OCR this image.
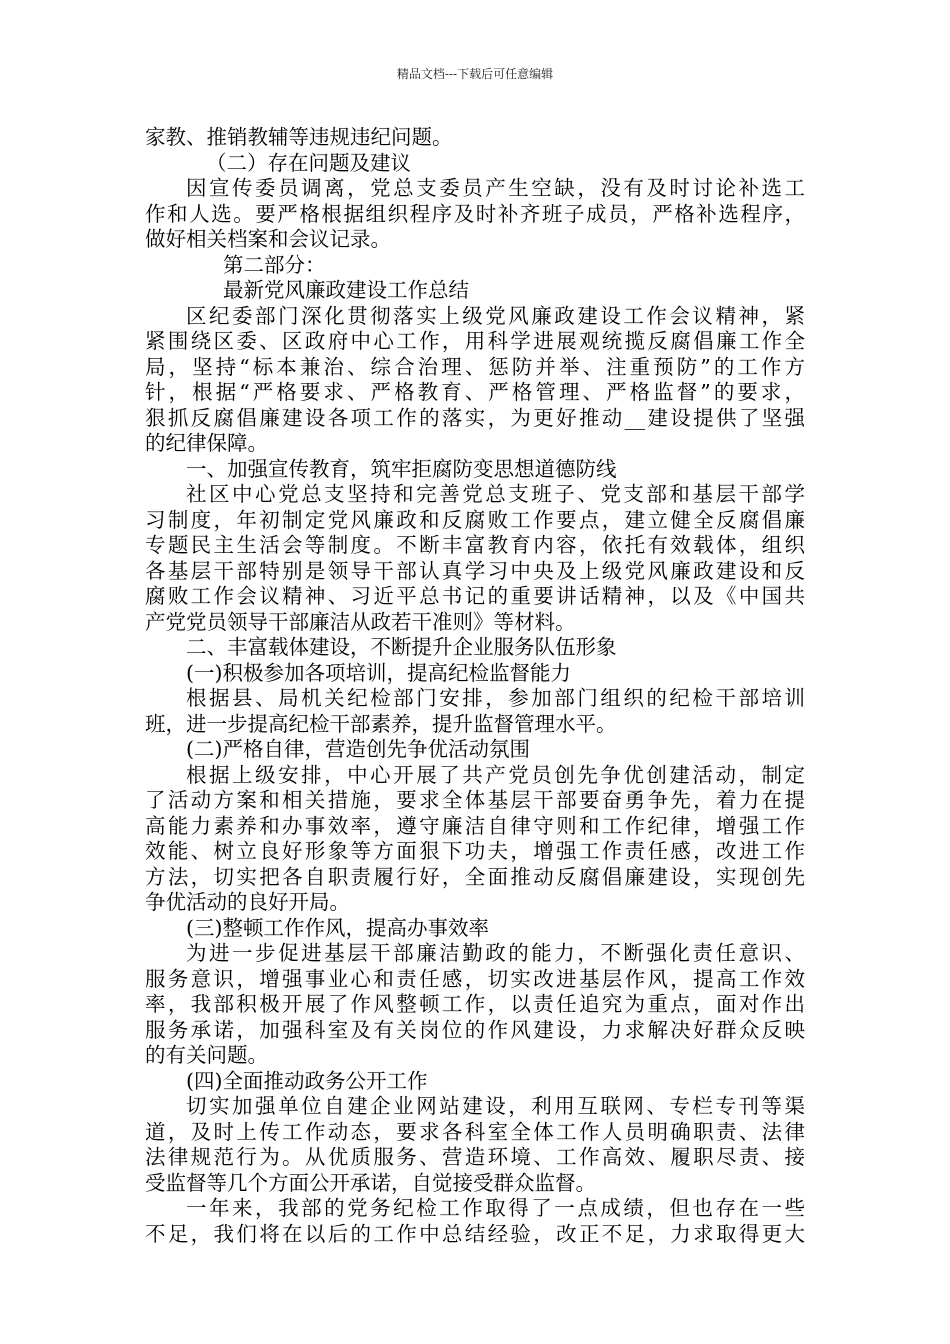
精品文档---下载后可任意编辑
家教、推销教辅等违规违纪问题。
（二）存在问题及建议
因宣传委员调离，党总支委员产生空缺，没有及时讨论补选工
作和人选。要严格根据组织程序及时补齐班子成员，严格补选程序，
做好相关档案和会议记录。
第二部分：
最新党风廉政建设工作总结
区纪委部门深化贯彻落实上级党风廉政建设工作会议精神，紧
紧围绕区委、区政府中心工作，用科学进展观统揽反腐倡廉工作全
局，坚持“标本兼治、综合治理、惩防并举、注重预防”的工作方
针，根据“严格要求、严格教育、严格管理、严格监督”的要求，
狠抓反腐倡廉建设各项工作的落实，为更好推动__建设提供了坚强
的纪律保障。
一、加强宣传教育，筑牢拒腐防变思想道德防线
社区中心党总支坚持和完善党总支班子、党支部和基层干部学
习制度，年初制定党风廉政和反腐败工作要点，建立健全反腐倡廉
专题民主生活会等制度。不断丰富教育内容，依托有效载体，组织
各基层干部特别是领导干部认真学习中央及上级党风廉政建设和反
腐败工作会议精神、习近平总书记的重要讲话精神，以及《中国共
产党党员领导干部廉洁从政若干准则》等材料。
二、丰富载体建设，不断提升企业服务队伍形象
(一)积极参加各项培训，提高纪检监督能力
根据县、局机关纪检部门安排，参加部门组织的纪检干部培训
班，进一步提高纪检干部素养，提升监督管理水平。
(二)严格自律，营造创先争优活动氛围
根据上级安排，中心开展了共产党员创先争优创建活动，制定
了活动方案和相关措施，要求全体基层干部要奋勇争先，着力在提
高能力素养和办事效率，遵守廉洁自律守则和工作纪律，增强工作
效能、树立良好形象等方面狠下功夫，增强工作责任感，改进工作
方法，切实把各自职责履行好，全面推动反腐倡廉建设，实现创先
争优活动的良好开局。
(三)整顿工作作风，提高办事效率
为进一步促进基层干部廉洁勤政的能力，不断强化责任意识、
服务意识，增强事业心和责任感，切实改进基层作风，提高工作效
率，我部积极开展了作风整顿工作，以责任追究为重点，面对作出
服务承诺，加强科室及有关岗位的作风建设，力求解决好群众反映
的有关问题。
(四)全面推动政务公开工作
切实加强单位自建企业网站建设，利用互联网、专栏专刊等渠
道，及时上传工作动态，要求各科室全体工作人员明确职责、法律
法律规范行为。从优质服务、营造环境、工作高效、履职尽责、接
受监督等几个方面公开承诺，自觉接受群众监督。
一年来，我部的党务纪检工作取得了一点成绩，但也存在一些
不足，我们将在以后的工作中总结经验，改正不足，力求取得更大
